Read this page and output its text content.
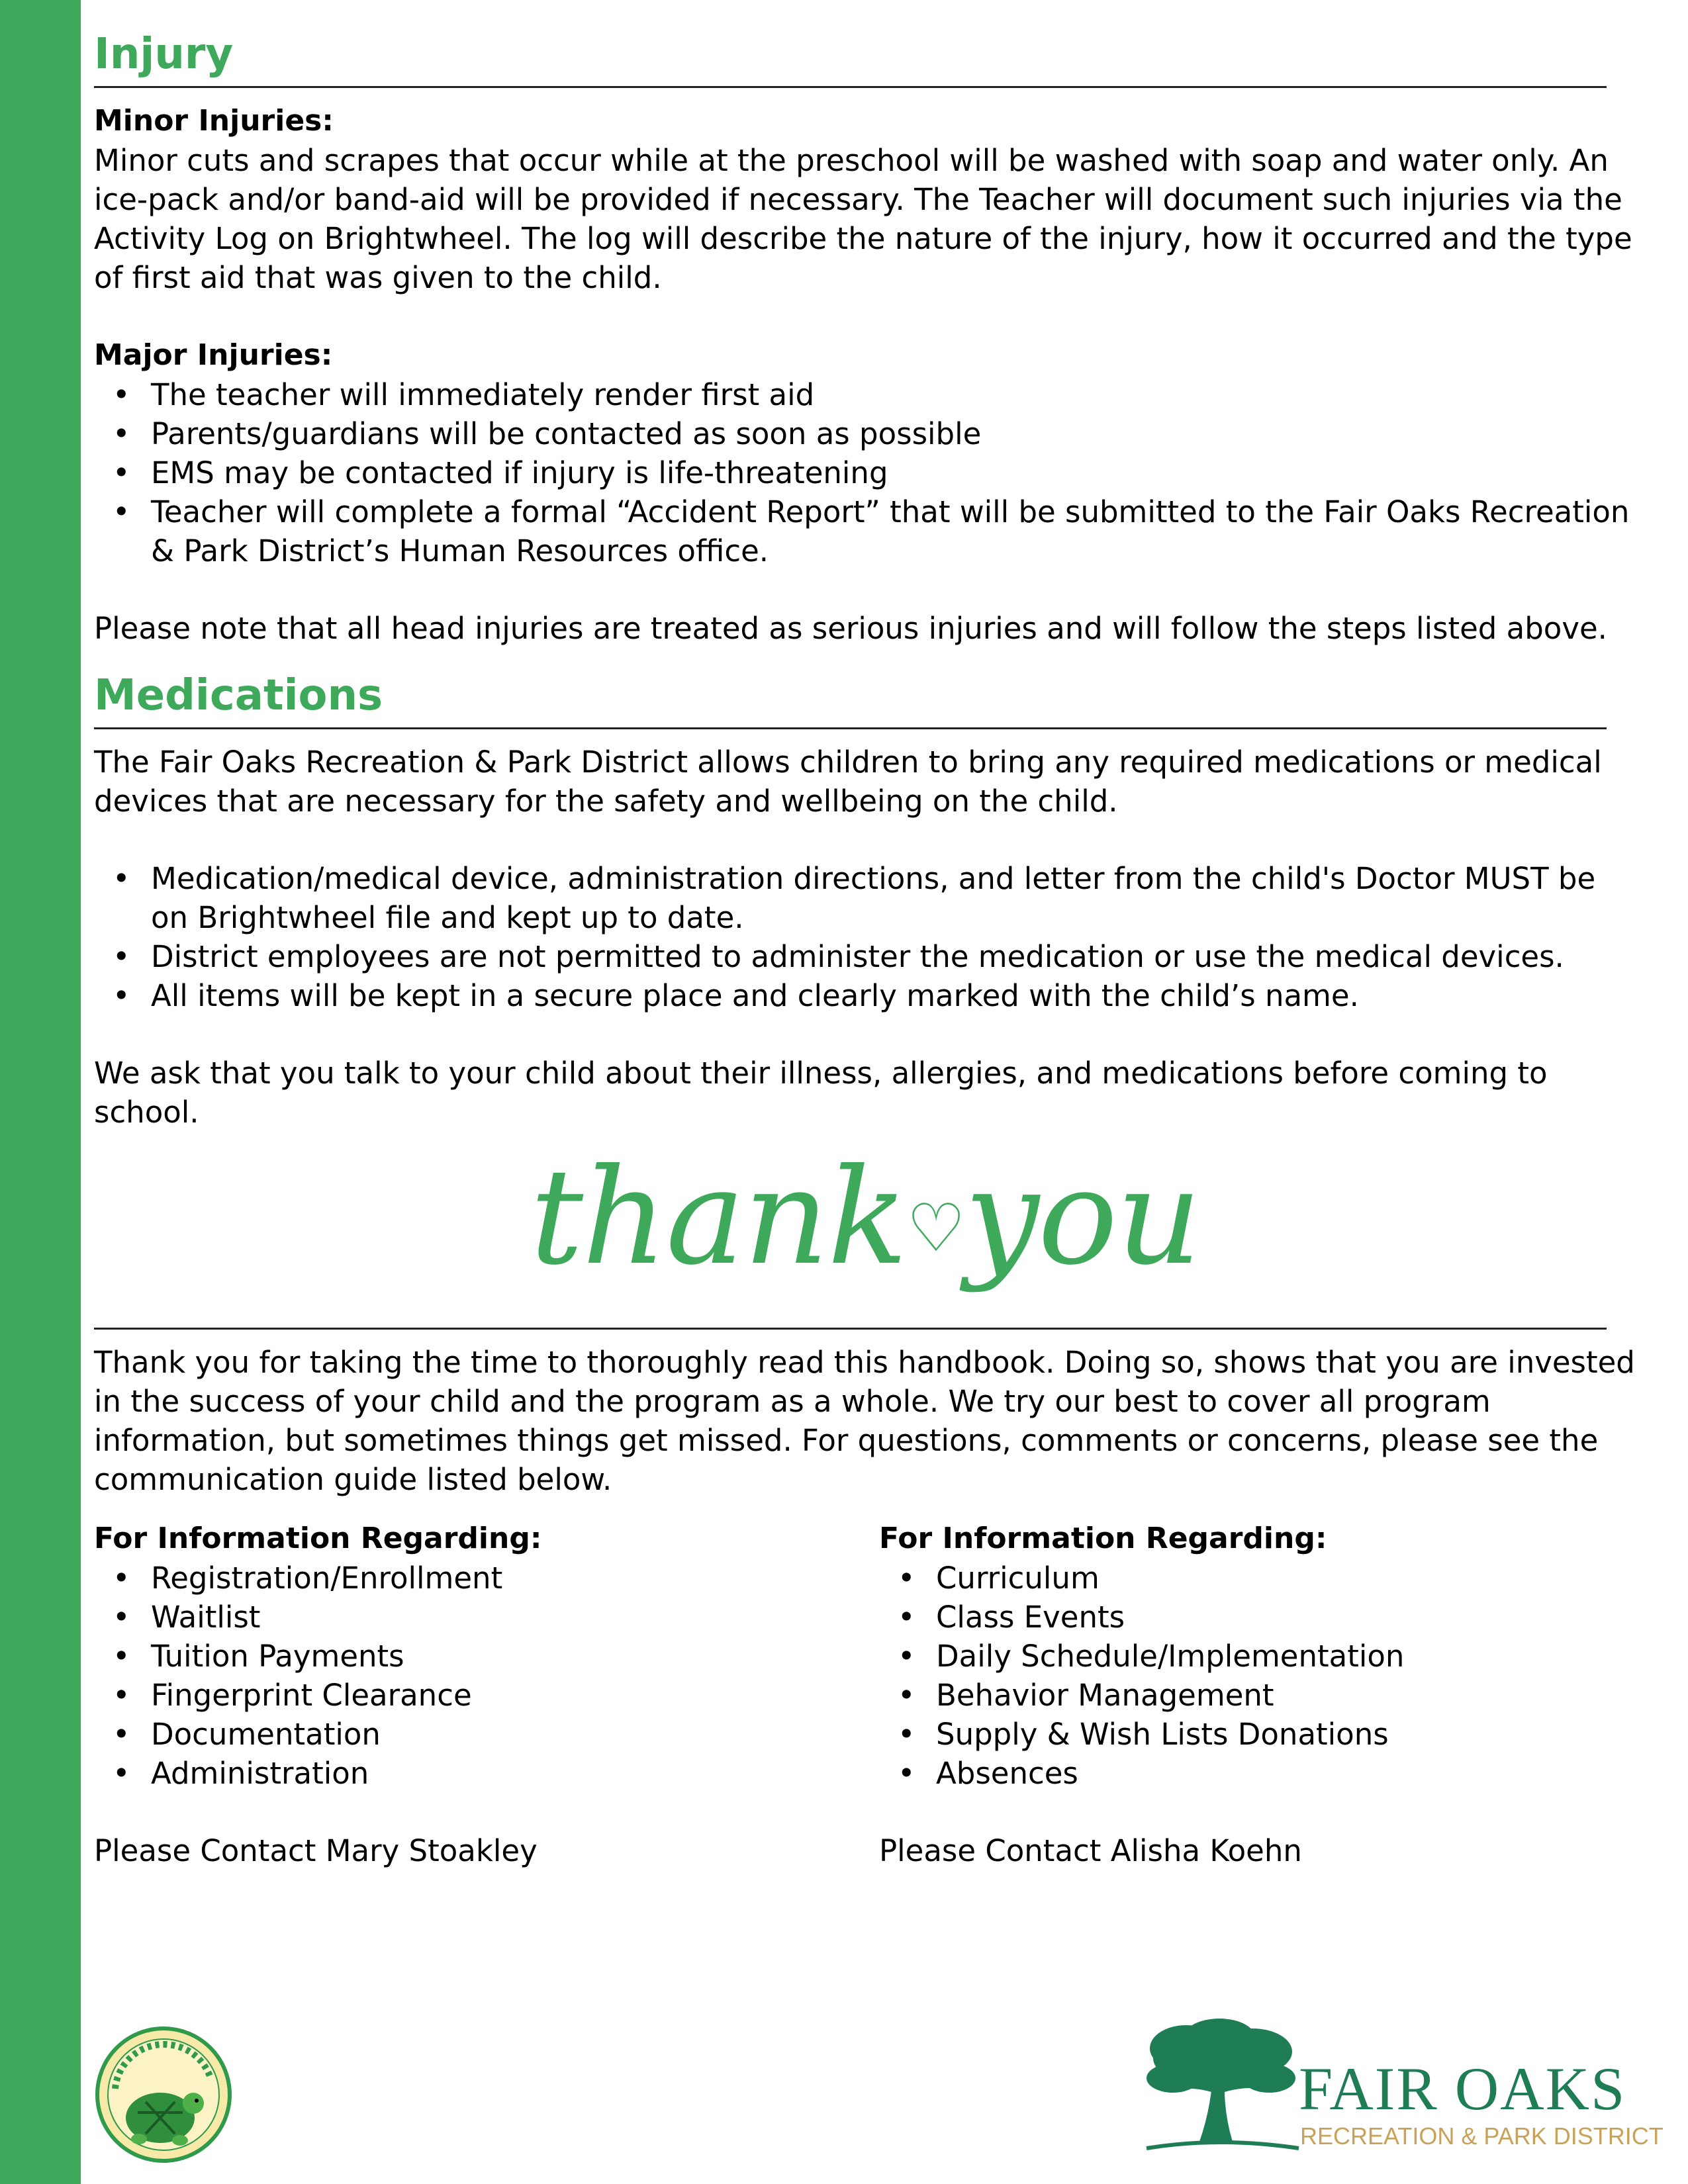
Injury

Minor Injuries:

Minor cuts and scrapes that occur while at the preschool will be washed with soap and water only. An ice-pack and/or band-aid will be provided if necessary. The Teacher will document such injuries via the Activity Log on Brightwheel. The log will describe the nature of the injury, how it occurred and the type of first aid that was given to the child.

Major Injuries:

• The teacher will immediately render first aid
• Parents/guardians will be contacted as soon as possible
• EMS may be contacted if injury is life-threatening
• Teacher will complete a formal “Accident Report” that will be submitted to the Fair Oaks Recreation & Park District’s Human Resources office.

Please note that all head injuries are treated as serious injuries and will follow the steps listed above.

Medications

The Fair Oaks Recreation & Park District allows children to bring any required medications or medical devices that are necessary for the safety and wellbeing on the child.

• Medication/medical device, administration directions, and letter from the child's Doctor MUST be on Brightwheel file and kept up to date.
• District employees are not permitted to administer the medication or use the medical devices.
• All items will be kept in a secure place and clearly marked with the child’s name.

We ask that you talk to your child about their illness, allergies, and medications before coming to school.

thank♡you

Thank you for taking the time to thoroughly read this handbook. Doing so, shows that you are invested in the success of your child and the program as a whole. We try our best to cover all program information, but sometimes things get missed. For questions, comments or concerns, please see the communication guide listed below.

For Information Regarding:

• Registration/Enrollment
• Waitlist
• Tuition Payments
• Fingerprint Clearance
• Documentation
• Administration

Please Contact Mary Stoakley

For Information Regarding:

• Curriculum
• Class Events
• Daily Schedule/Implementation
• Behavior Management
• Supply & Wish Lists Donations
• Absences

Please Contact Alisha Koehn

FAIR OAKS

RECREATION & PARK DISTRICT
